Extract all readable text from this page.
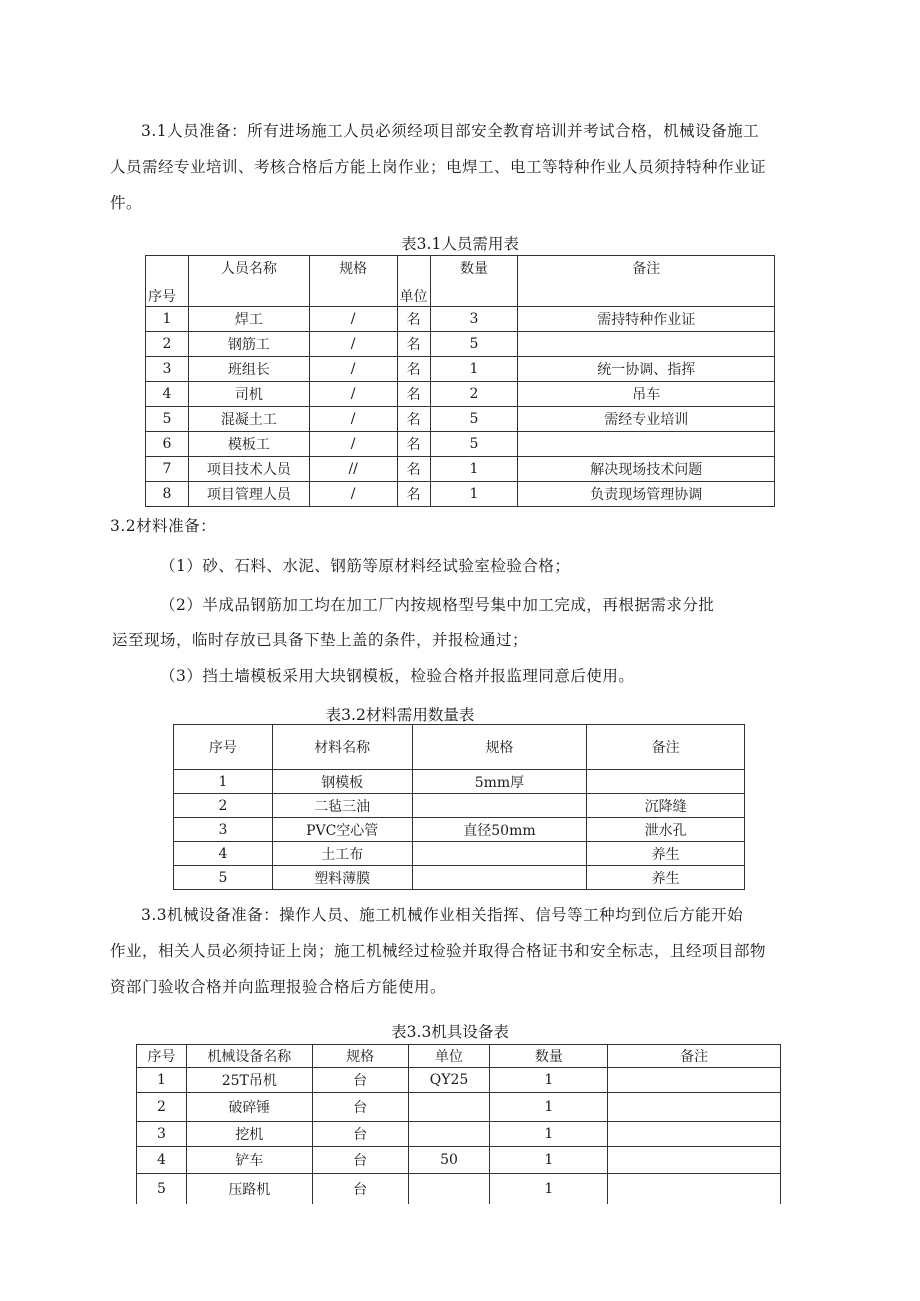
3.1人员准备：所有进场施工人员必须经项目部安全教育培训并考试合格，机械设备施工
人员需经专业培训、考核合格后方能上岗作业；电焊工、电工等特种作业人员须持特种作业证
件。

表3.1人员需用表

序号	人员名称	规格	单位	数量	备注
1	焊工	/	名	3	需持特种作业证
2	钢筋工	/	名	5	
3	班组长	/	名	1	统一协调、指挥
4	司机	/	名	2	吊车
5	混凝土工	/	名	5	需经专业培训
6	模板工	/	名	5	
7	项目技术人员	//	名	1	解决现场技术问题
8	项目管理人员	/	名	1	负责现场管理协调
3.2材料准备：
（1）砂、石料、水泥、钢筋等原材料经试验室检验合格；
（2）半成品钢筋加工均在加工厂内按规格型号集中加工完成，再根据需求分批
运至现场，临时存放已具备下垫上盖的条件，并报检通过；
（3）挡土墙模板采用大块钢模板，检验合格并报监理同意后使用。

表3.2材料需用数量表

序号	材料名称	规格	备注
1	钢模板	5mm厚	
2	二毡三油		沉降缝
3	PVC空心管	直径50mm	泄水孔
4	土工布		养生
5	塑料薄膜		养生
3.3机械设备准备：操作人员、施工机械作业相关指挥、信号等工种均到位后方能开始
作业，相关人员必须持证上岗；施工机械经过检验并取得合格证书和安全标志，且经项目部物
资部门验收合格并向监理报验合格后方能使用。

表3.3机具设备表

序号	机械设备名称	规格	单位	数量	备注
1	25T吊机	台	QY25	1	
2	破碎锤	台		1	
3	挖机	台		1	
4	铲车	台	50	1	
5	压路机	台		1	
